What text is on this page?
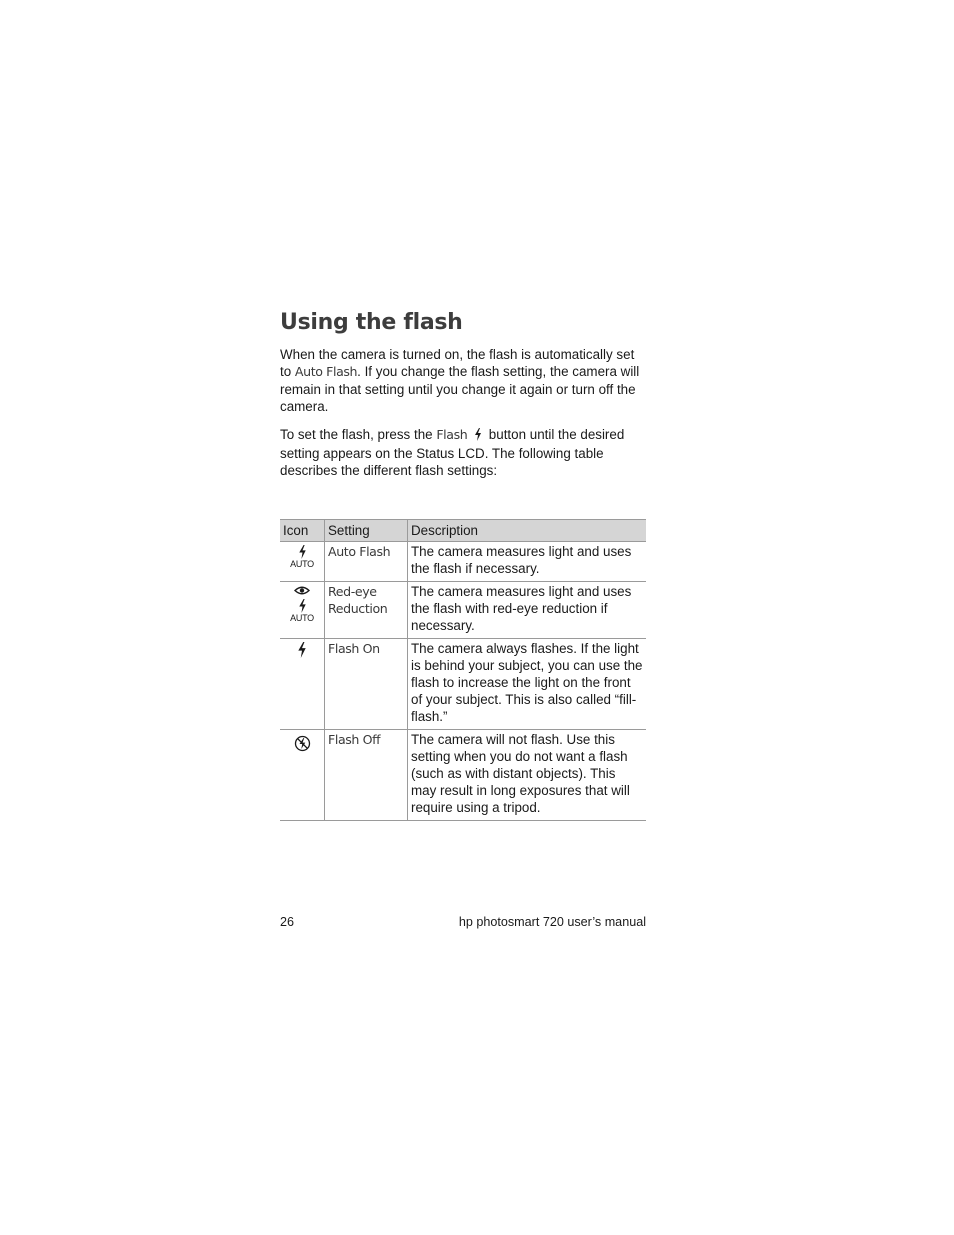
Using the flash

When the camera is turned on, the flash is automatically set to Auto Flash. If you change the flash setting, the camera will remain in that setting until you change it again or turn off the camera.

To set the flash, press the Flash  button until the desired setting appears on the Status LCD. The following table describes the different flash settings:

Icon	Setting	Description

AUTO	Auto Flash	The camera measures light and uses the flash if necessary.

AUTO	Red-eye Reduction	The camera measures light and uses the flash with red-eye reduction if necessary.

	Flash On	The camera always flashes. If the light is behind your subject, you can use the flash to increase the light on the front of your subject. This is also called “fill-flash.”

	Flash Off	The camera will not flash. Use this setting when you do not want a flash (such as with distant objects). This may result in long exposures that will require using a tripod.
26	hp photosmart 720 user’s manual
